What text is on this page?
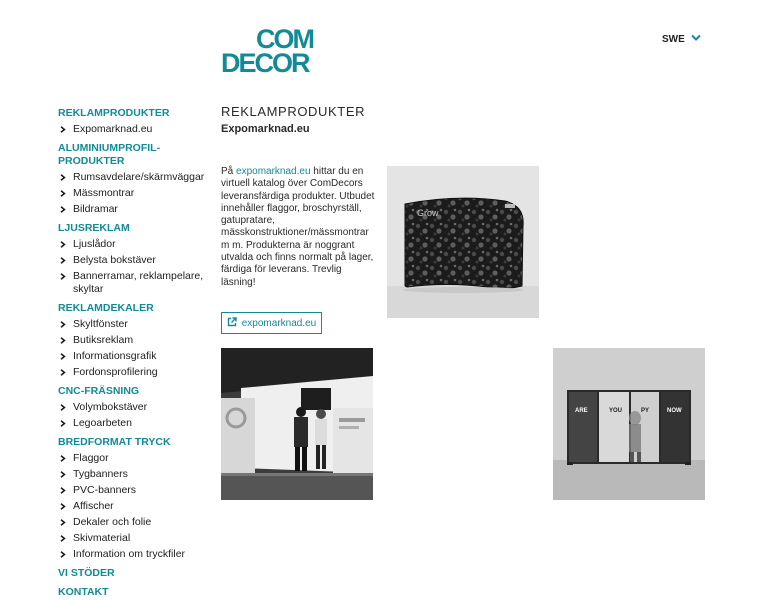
COM
DECOR
SWE
REKLAMPRODUKTER
Expomarknad.eu
ALUMINIUMPROFIL-PRODUKTER
Rumsavdelare/skärmväggar
Mässmontrar
Bildramar
LJUSREKLAM
Ljuslådor
Belysta bokstäver
Bannerramar, reklampelare, skyltar
REKLAMDEKALER
Skyltfönster
Butiksreklam
Informationsgrafik
Fordonsprofilering
CNC-FRÄSNING
Volymbokstäver
Legoarbeten
BREDFORMAT TRYCK
Flaggor
Tygbanners
PVC-banners
Affischer
Dekaler och folie
Skivmaterial
Information om tryckfiler
VI STÖDER
KONTAKT
REKLAMPRODUKTER
Expomarknad.eu
På expomarknad.eu hittar du en virtuell katalog över ComDecors leveransfärdiga produkter. Utbudet innehåller flaggor, broschyrställ, gatupratare, mässkonstruktioner/mässmontrarm m. Produkterna är noggrant utvalda och finns normalt på lager, färdiga för leverans. Trevlig läsning!
expomarknad.eu
Grow
ARE	YOU	PY	NOW
